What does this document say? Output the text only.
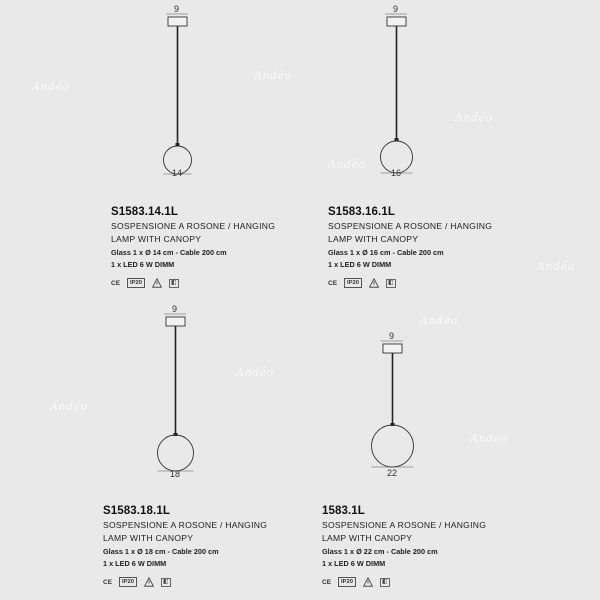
Andéo
Andéo
Andéo
Andéo
Andéo
Andéo
Andéo
Andéo
Andéo
9
14
S1583.14.1L
SOSPENSIONE A ROSONE / HANGING
LAMP WITH CANOPY
Glass 1 x Ø 14 cm - Cable 200 cm
1 x LED 6 W DIMM
CE	IP20	◧
9
16
S1583.16.1L
SOSPENSIONE A ROSONE / HANGING
LAMP WITH CANOPY
Glass 1 x Ø 16 cm - Cable 200 cm
1 x LED 6 W DIMM
CE	IP20	◧
9
18
S1583.18.1L
SOSPENSIONE A ROSONE / HANGING
LAMP WITH CANOPY
Glass 1 x Ø 18 cm - Cable 200 cm
1 x LED 6 W DIMM
CE	IP20	◧
9
22
1583.1L
SOSPENSIONE A ROSONE / HANGING
LAMP WITH CANOPY
Glass 1 x Ø 22 cm - Cable 200 cm
1 x LED 6 W DIMM
CE	IP20	◧
